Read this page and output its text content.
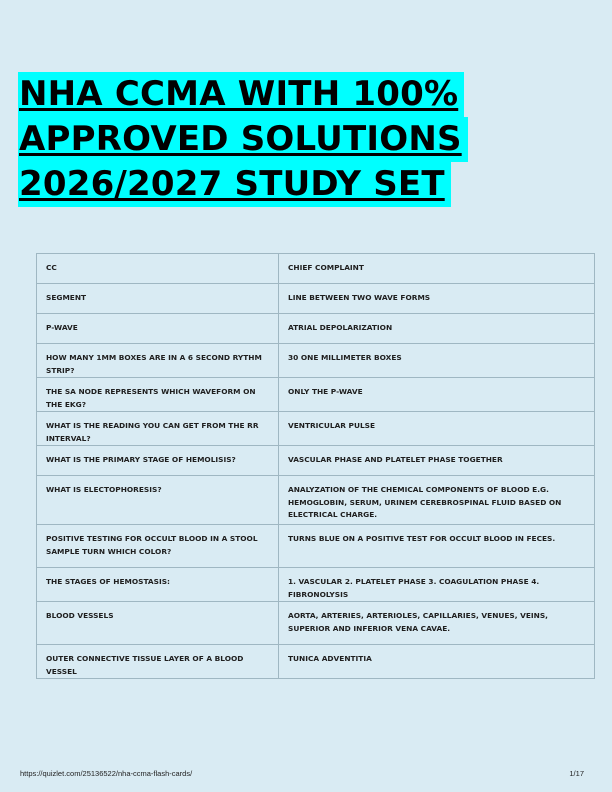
NHA CCMA WITH 100%
APPROVED SOLUTIONS
2026/2027 STUDY SET
CC	CHIEF COMPLAINT
SEGMENT	LINE BETWEEN TWO WAVE FORMS
P-WAVE	ATRIAL DEPOLARIZATION
HOW MANY 1MM BOXES ARE IN A 6 SECOND RYTHM STRIP?	30 ONE MILLIMETER BOXES
THE SA NODE REPRESENTS WHICH WAVEFORM ON THE EKG?	ONLY THE P-WAVE
WHAT IS THE READING YOU CAN GET FROM THE RR INTERVAL?	VENTRICULAR PULSE
WHAT IS THE PRIMARY STAGE OF HEMOLISIS?	VASCULAR PHASE AND PLATELET PHASE TOGETHER
WHAT IS ELECTOPHORESIS?	ANALYZATION OF THE CHEMICAL COMPONENTS OF BLOOD E.G. HEMOGLOBIN, SERUM, URINEM CEREBROSPINAL FLUID BASED ON ELECTRICAL CHARGE.
POSITIVE TESTING FOR OCCULT BLOOD IN A STOOL SAMPLE TURN WHICH COLOR?	TURNS BLUE ON A POSITIVE TEST FOR OCCULT BLOOD IN FECES.
THE STAGES OF HEMOSTASIS:	1. VASCULAR 2. PLATELET PHASE 3. COAGULATION PHASE 4. FIBRONOLYSIS
BLOOD VESSELS	AORTA, ARTERIES, ARTERIOLES, CAPILLARIES, VENUES, VEINS, SUPERIOR AND INFERIOR VENA CAVAE.
OUTER CONNECTIVE TISSUE LAYER OF A BLOOD VESSEL	TUNICA ADVENTITIA
https://quizlet.com/25136522/nha-ccma-flash-cards/	1/17
